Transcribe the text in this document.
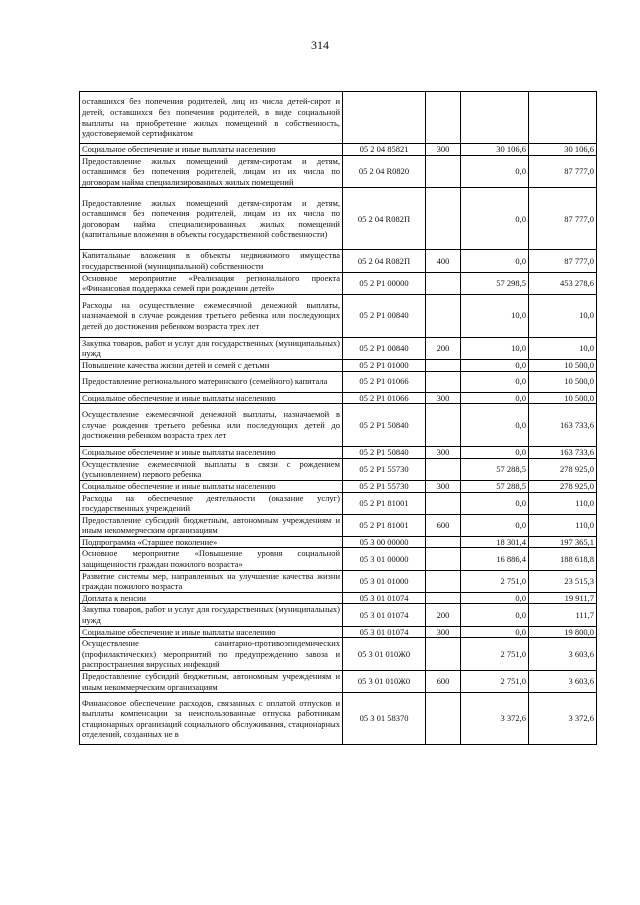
314
оставшихся без попечения родителей, лиц из числа детей-сирот и детей, оставшихся без попечения родителей, в виде социальной выплаты на приобретение жилых помещений в собственность, удостоверяемой сертификатом				
Социальное обеспечение и иные выплаты населению	05 2 04 85821	300	30 106,6	30 106,6
Предоставление жилых помещений детям-сиротам и детям, оставшимся без попечения родителей, лицам из их числа по договорам найма специализированных жилых помещений	05 2 04 R0820		0,0	87 777,0
Предоставление жилых помещений детям-сиротам и детям, оставшимся без попечения родителей, лицам из их числа по договорам найма специализированных жилых помещений (капитальные вложения в объекты государственной собственности)	05 2 04 R082П		0,0	87 777,0
Капитальные вложения в объекты недвижимого имущества государственной (муниципальной) собственности	05 2 04 R082П	400	0,0	87 777,0
Основное мероприятие «Реализация регионального проекта «Финансовая поддержка семей при рождении детей»	05 2 P1 00000		57 298,5	453 278,6
Расходы на осуществление ежемесячной денежной выплаты, назначаемой в случае рождения третьего ребенка или последующих детей до достижения ребенком возраста трех лет	05 2 P1 00840		10,0	10,0
Закупка товаров, работ и услуг для государственных (муниципальных) нужд	05 2 P1 00840	200	10,0	10,0
Повышение качества жизни детей и семей с детьми	05 2 P1 01000		0,0	10 500,0
Предоставление регионального материнского (семейного) капитала	05 2 P1 01066		0,0	10 500,0
Социальное обеспечение и иные выплаты населению	05 2 P1 01066	300	0,0	10 500,0
Осуществление ежемесячной денежной выплаты, назначаемой в случае рождения третьего ребенка или последующих детей до достижения ребенком возраста трех лет	05 2 P1 50840		0,0	163 733,6
Социальное обеспечение и иные выплаты населению	05 2 P1 50840	300	0,0	163 733,6
Осуществление ежемесячной выплаты в связи с рождением (усыновлением) первого ребенка	05 2 P1 55730		57 288,5	278 925,0
Социальное обеспечение и иные выплаты населению	05 2 P1 55730	300	57 288,5	278 925,0
Расходы на обеспечение деятельности (оказание услуг) государственных учреждений	05 2 P1 81001		0,0	110,0
Предоставление субсидий бюджетным, автономным учреждениям и иным некоммерческим организациям	05 2 P1 81001	600	0,0	110,0
Подпрограмма «Старшее поколение»	05 3 00 00000		18 301,4	197 365,1
Основное мероприятие «Повышение уровня социальной защищенности граждан пожилого возраста»	05 3 01 00000		16 886,4	188 618,8
Развитие системы мер, направленных на улучшение качества жизни граждан пожилого возраста	05 3 01 01000		2 751,0	23 515,3
Доплата к пенсии	05 3 01 01074		0,0	19 911,7
Закупка товаров, работ и услуг для государственных (муниципальных) нужд	05 3 01 01074	200	0,0	111,7
Социальное обеспечение и иные выплаты населению	05 3 01 01074	300	0,0	19 800,0
Осуществление санитарно-противоэпидемических (профилактических) мероприятий по предупреждению завоза и распространения вирусных инфекций	05 3 01 010Ж0		2 751,0	3 603,6
Предоставление субсидий бюджетным, автономным учреждениям и иным некоммерческим организациям	05 3 01 010Ж0	600	2 751,0	3 603,6
Финансовое обеспечение расходов, связанных с оплатой отпусков и выплаты компенсации за неиспользованные отпуска работникам стационарных организаций социального обслуживания, стационарных отделений, созданных не в	05 3 01 58370		3 372,6	3 372,6
